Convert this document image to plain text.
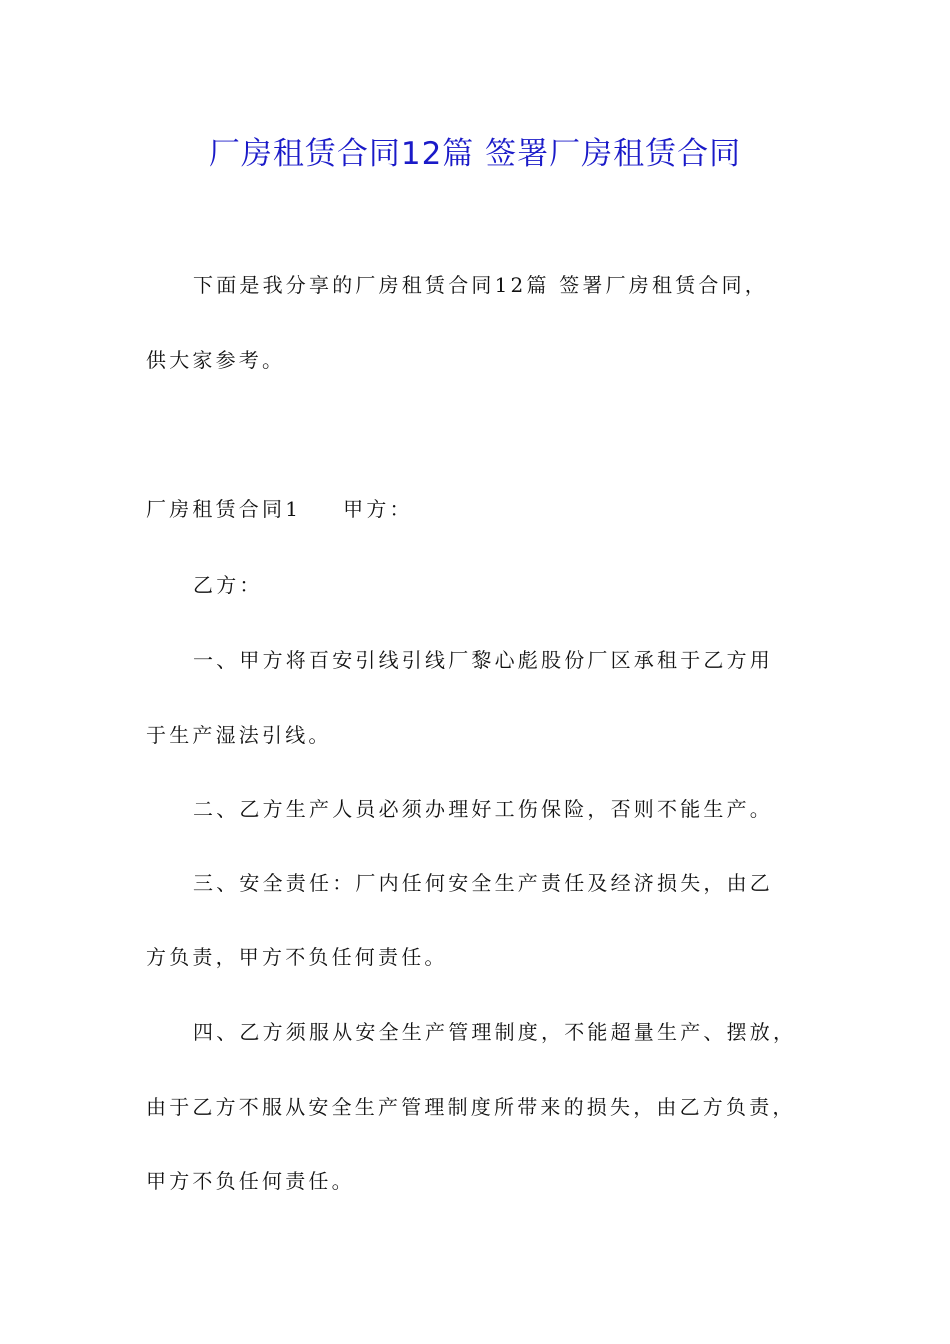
厂房租赁合同12篇 签署厂房租赁合同
下面是我分享的厂房租赁合同12篇 签署厂房租赁合同，
供大家参考。
厂房租赁合同1 甲方：
乙方：
一、甲方将百安引线引线厂黎心彪股份厂区承租于乙方用
于生产湿法引线。
二、乙方生产人员必须办理好工伤保险，否则不能生产。
三、安全责任：厂内任何安全生产责任及经济损失，由乙
方负责，甲方不负任何责任。
四、乙方须服从安全生产管理制度，不能超量生产、摆放，
由于乙方不服从安全生产管理制度所带来的损失，由乙方负责，
甲方不负任何责任。
